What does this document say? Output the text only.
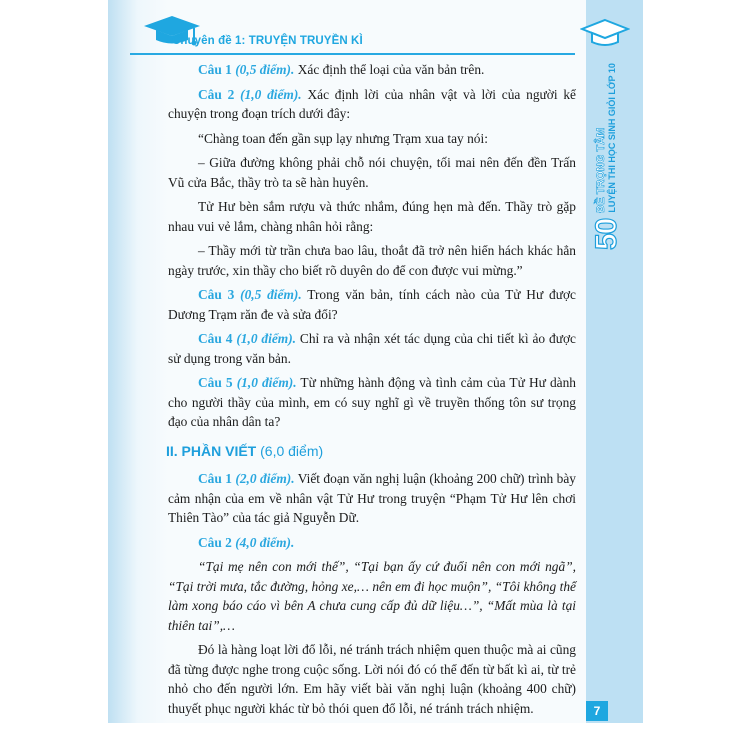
Chuyên đề 1: TRUYỆN TRUYỀN KÌ
50
ĐỀ TRỌNG TÂM LUYỆN THI HỌC SINH GIỎI LỚP 10

Câu 1 (0,5 điểm). Xác định thể loại của văn bản trên.

Câu 2 (1,0 điểm). Xác định lời của nhân vật và lời của người kể chuyện trong đoạn trích dưới đây:

“Chàng toan đến gần sụp lạy nhưng Trạm xua tay nói:

– Giữa đường không phải chỗ nói chuyện, tối mai nên đến đền Trấn Vũ cửa Bắc, thầy trò ta sẽ hàn huyên.

Tử Hư bèn sắm rượu và thức nhắm, đúng hẹn mà đến. Thầy trò gặp nhau vui vẻ lắm, chàng nhân hỏi rằng:

– Thầy mới từ trần chưa bao lâu, thoắt đã trở nên hiển hách khác hẳn ngày trước, xin thầy cho biết rõ duyên do để con được vui mừng.”

Câu 3 (0,5 điểm). Trong văn bản, tính cách nào của Tử Hư được Dương Trạm răn đe và sửa đổi?

Câu 4 (1,0 điểm). Chỉ ra và nhận xét tác dụng của chi tiết kì ảo được sử dụng trong văn bản.

Câu 5 (1,0 điểm). Từ những hành động và tình cảm của Tử Hư dành cho người thầy của mình, em có suy nghĩ gì về truyền thống tôn sư trọng đạo của nhân dân ta?

II. PHẦN VIẾT (6,0 điểm)

Câu 1 (2,0 điểm). Viết đoạn văn nghị luận (khoảng 200 chữ) trình bày cảm nhận của em về nhân vật Tử Hư trong truyện “Phạm Tử Hư lên chơi Thiên Tào” của tác giả Nguyễn Dữ.

Câu 2 (4,0 điểm).

“Tại mẹ nên con mới thế”, “Tại bạn ấy cứ đuổi nên con mới ngã”, “Tại trời mưa, tắc đường, hỏng xe,… nên em đi học muộn”, “Tôi không thể làm xong báo cáo vì bên A chưa cung cấp đủ dữ liệu…”, “Mất mùa là tại thiên tai”,…

Đó là hàng loạt lời đổ lỗi, né tránh trách nhiệm quen thuộc mà ai cũng đã từng được nghe trong cuộc sống. Lời nói đó có thể đến từ bất kì ai, từ trẻ nhỏ cho đến người lớn. Em hãy viết bài văn nghị luận (khoảng 400 chữ) thuyết phục người khác từ bỏ thói quen đổ lỗi, né tránh trách nhiệm.	7
